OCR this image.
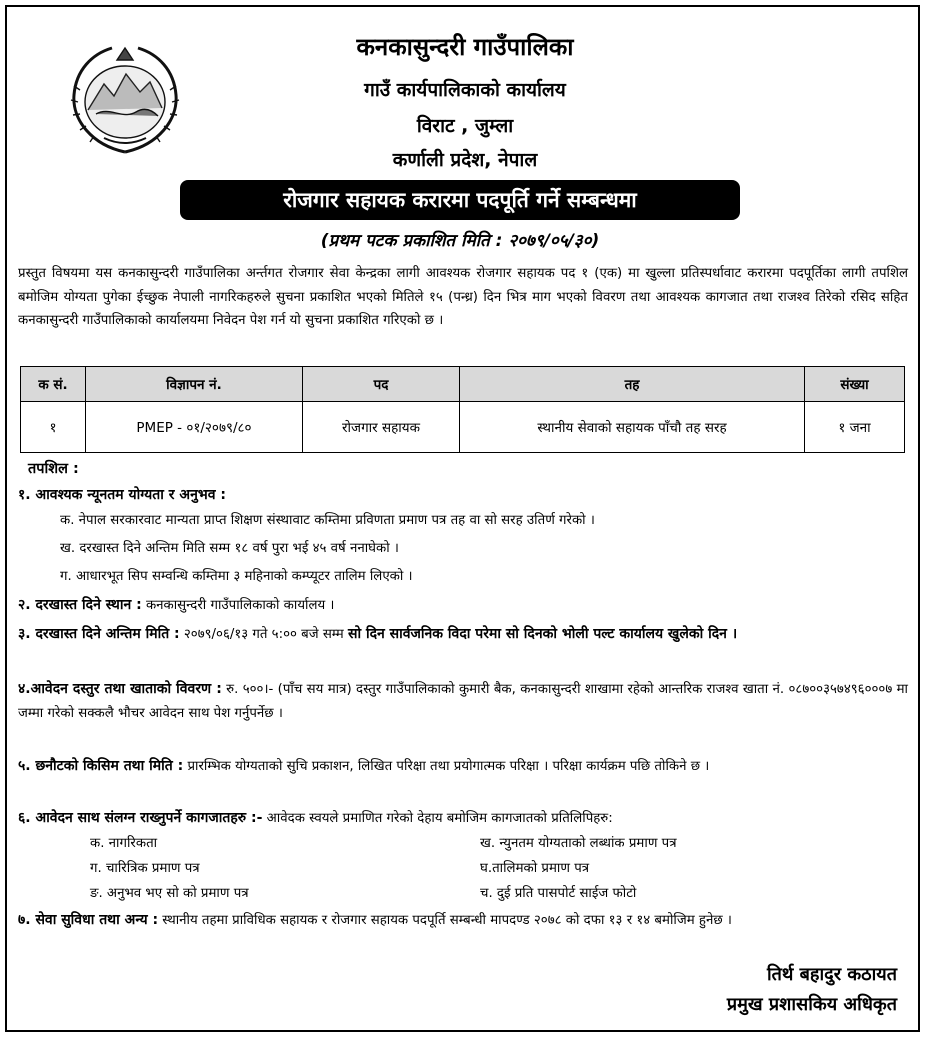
कनकासुन्दरी गाउँपालिका
गाउँ कार्यपालिकाको कार्यालय
विराट , जुम्ला
कर्णाली प्रदेश, नेपाल
रोजगार सहायक करारमा पदपूर्ति गर्ने सम्बन्धमा
(प्रथम पटक प्रकाशित मिति : २०७९/०५/३०)
प्रस्तुत विषयमा यस कनकासुन्दरी गाउँपालिका अर्न्तगत रोजगार सेवा केन्द्रका लागी आवश्यक रोजगार सहायक पद १ (एक) मा खुल्ला प्रतिस्पर्धावाट करारमा पदपूर्तिका लागी तपशिल बमोजिम योग्यता पुगेका ईच्छुक नेपाली नागरिकहरुले सुचना प्रकाशित भएको मितिले १५ (पन्ध्र) दिन भित्र माग भएको विवरण तथा आवश्यक कागजात तथा राजश्व तिरेको रसिद सहित कनकासुन्दरी गाउँपालिकाको कार्यालयमा निवेदन पेश गर्न यो सुचना प्रकाशित गरिएको छ ।
क सं.	विज्ञापन नं.	पद	तह	संख्या
१	PMEP - ०१/२०७९/८०	रोजगार सहायक	स्थानीय सेवाको सहायक पाँचौ तह सरह	१ जना
तपशिल :
१. आवश्यक न्यूनतम योग्यता र अनुभव :
क. नेपाल सरकारवाट मान्यता प्राप्त शिक्षण संस्थावाट कम्तिमा प्रविणता प्रमाण पत्र तह वा सो सरह उतिर्ण गरेको ।
ख. दरखास्त दिने अन्तिम मिति सम्म १८ वर्ष पुरा भई ४५ वर्ष ननाघेको ।
ग. आधारभूत सिप सम्वन्धि कम्तिमा ३ महिनाको कम्प्यूटर तालिम लिएको ।
२. दरखास्त दिने स्थान : कनकासुन्दरी गाउँपालिकाको कार्यालय ।
३. दरखास्त दिने अन्तिम मिति : २०७९/०६/१३ गते ५:०० बजे सम्म सो दिन सार्वजनिक विदा परेमा सो दिनको भोली पल्ट कार्यालय खुलेको दिन ।
४.आवेदन दस्तुर तथा खाताको विवरण : रु. ५००।- (पाँच सय मात्र) दस्तुर गाउँपालिकाको कुमारी बैक, कनकासुन्दरी शाखामा रहेको आन्तरिक राजश्व खाता नं. ०८७००३५७४९६०००७ मा जम्मा गरेको सक्कलै भौचर आवेदन साथ पेश गर्नुपर्नेछ ।
५. छनौटको किसिम तथा मिति : प्रारम्भिक योग्यताको सुचि प्रकाशन, लिखित परिक्षा तथा प्रयोगात्मक परिक्षा । परिक्षा कार्यक्रम पछि तोकिने छ ।
६. आवेदन साथ संलग्न राख्नुपर्ने कागजातहरु :- आवेदक स्वयले प्रमाणित गरेको देहाय बमोजिम कागजातको प्रतिलिपिहरु:
क. नागरिकता	ख. न्युनतम योग्यताको लब्धांक प्रमाण पत्र
ग. चारित्रिक प्रमाण पत्र	घ.तालिमको प्रमाण पत्र
ङ. अनुभव भए सो को प्रमाण पत्र	च. दुई प्रति पासपोर्ट साईज फोटो
७. सेवा सुविधा तथा अन्य : स्थानीय तहमा प्राविधिक सहायक र रोजगार सहायक पदपूर्ति सम्बन्धी मापदण्ड २०७८ को दफा १३ र १४ बमोजिम हुनेछ ।
तिर्थ बहादुर कठायत
प्रमुख प्रशासकिय अधिकृत
